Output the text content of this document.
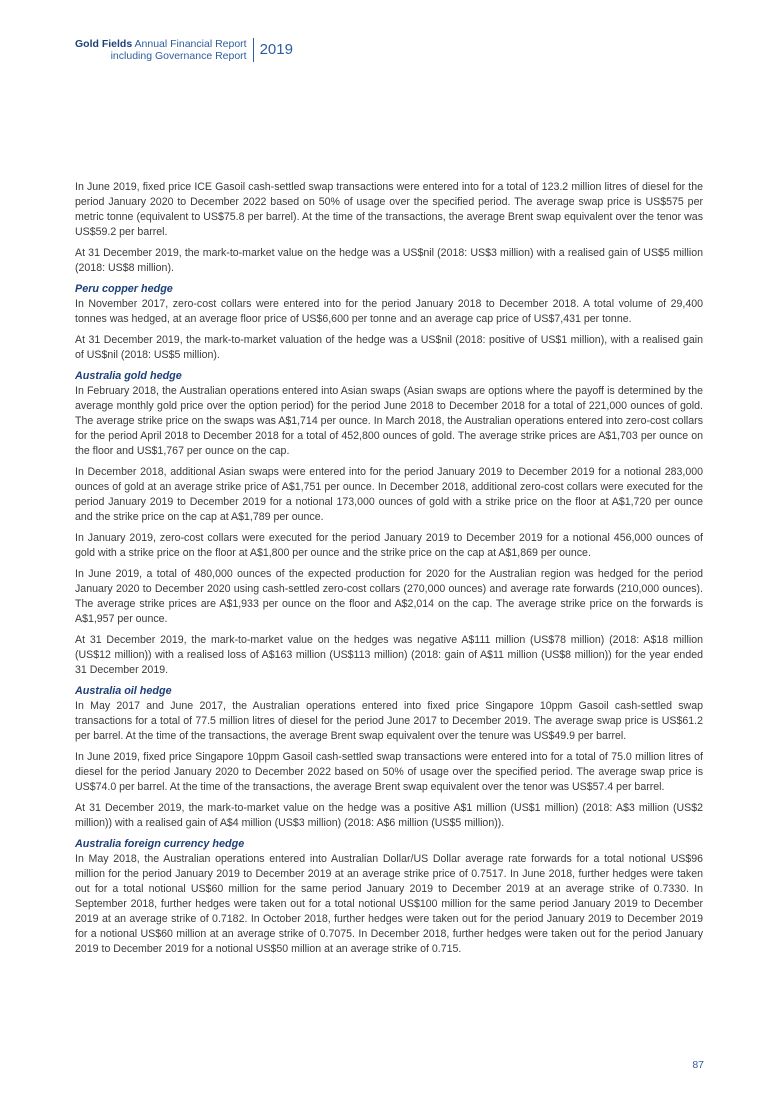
Gold Fields Annual Financial Report
including Governance Report 2019

In June 2019, fixed price ICE Gasoil cash-settled swap transactions were entered into for a total of 123.2 million litres of diesel for the period January 2020 to December 2022 based on 50% of usage over the specified period. The average swap price is US$575 per metric tonne (equivalent to US$75.8 per barrel). At the time of the transactions, the average Brent swap equivalent over the tenor was US$59.2 per barrel.

At 31 December 2019, the mark-to-market value on the hedge was a US$nil (2018: US$3 million) with a realised gain of US$5 million (2018: US$8 million).

Peru copper hedge

In November 2017, zero-cost collars were entered into for the period January 2018 to December 2018. A total volume of 29,400 tonnes was hedged, at an average floor price of US$6,600 per tonne and an average cap price of US$7,431 per tonne.

At 31 December 2019, the mark-to-market valuation of the hedge was a US$nil (2018: positive of US$1 million), with a realised gain of US$nil (2018: US$5 million).

Australia gold hedge

In February 2018, the Australian operations entered into Asian swaps (Asian swaps are options where the payoff is determined by the average monthly gold price over the option period) for the period June 2018 to December 2018 for a total of 221,000 ounces of gold. The average strike price on the swaps was A$1,714 per ounce. In March 2018, the Australian operations entered into zero-cost collars for the period April 2018 to December 2018 for a total of 452,800 ounces of gold. The average strike prices are A$1,703 per ounce on the floor and US$1,767 per ounce on the cap.

In December 2018, additional Asian swaps were entered into for the period January 2019 to December 2019 for a notional 283,000 ounces of gold at an average strike price of A$1,751 per ounce. In December 2018, additional zero-cost collars were executed for the period January 2019 to December 2019 for a notional 173,000 ounces of gold with a strike price on the floor at A$1,720 per ounce and the strike price on the cap at A$1,789 per ounce.

In January 2019, zero-cost collars were executed for the period January 2019 to December 2019 for a notional 456,000 ounces of gold with a strike price on the floor at A$1,800 per ounce and the strike price on the cap at A$1,869 per ounce.

In June 2019, a total of 480,000 ounces of the expected production for 2020 for the Australian region was hedged for the period January 2020 to December 2020 using cash-settled zero-cost collars (270,000 ounces) and average rate forwards (210,000 ounces). The average strike prices are A$1,933 per ounce on the floor and A$2,014 on the cap. The average strike price on the forwards is A$1,957 per ounce.

At 31 December 2019, the mark-to-market value on the hedges was negative A$111 million (US$78 million) (2018: A$18 million (US$12 million)) with a realised loss of A$163 million (US$113 million) (2018: gain of A$11 million (US$8 million)) for the year ended 31 December 2019.

Australia oil hedge

In May 2017 and June 2017, the Australian operations entered into fixed price Singapore 10ppm Gasoil cash-settled swap transactions for a total of 77.5 million litres of diesel for the period June 2017 to December 2019. The average swap price is US$61.2 per barrel. At the time of the transactions, the average Brent swap equivalent over the tenure was US$49.9 per barrel.

In June 2019, fixed price Singapore 10ppm Gasoil cash-settled swap transactions were entered into for a total of 75.0 million litres of diesel for the period January 2020 to December 2022 based on 50% of usage over the specified period. The average swap price is US$74.0 per barrel. At the time of the transactions, the average Brent swap equivalent over the tenor was US$57.4 per barrel.

At 31 December 2019, the mark-to-market value on the hedge was a positive A$1 million (US$1 million) (2018: A$3 million (US$2 million)) with a realised gain of A$4 million (US$3 million) (2018: A$6 million (US$5 million)).

Australia foreign currency hedge

In May 2018, the Australian operations entered into Australian Dollar/US Dollar average rate forwards for a total notional US$96 million for the period January 2019 to December 2019 at an average strike price of 0.7517. In June 2018, further hedges were taken out for a total notional US$60 million for the same period January 2019 to December 2019 at an average strike of 0.7330. In September 2018, further hedges were taken out for a total notional US$100 million for the same period January 2019 to December 2019 at an average strike of 0.7182. In October 2018, further hedges were taken out for the period January 2019 to December 2019 for a notional US$60 million at an average strike of 0.7075. In December 2018, further hedges were taken out for the period January 2019 to December 2019 for a notional US$50 million at an average strike of 0.715.

87
